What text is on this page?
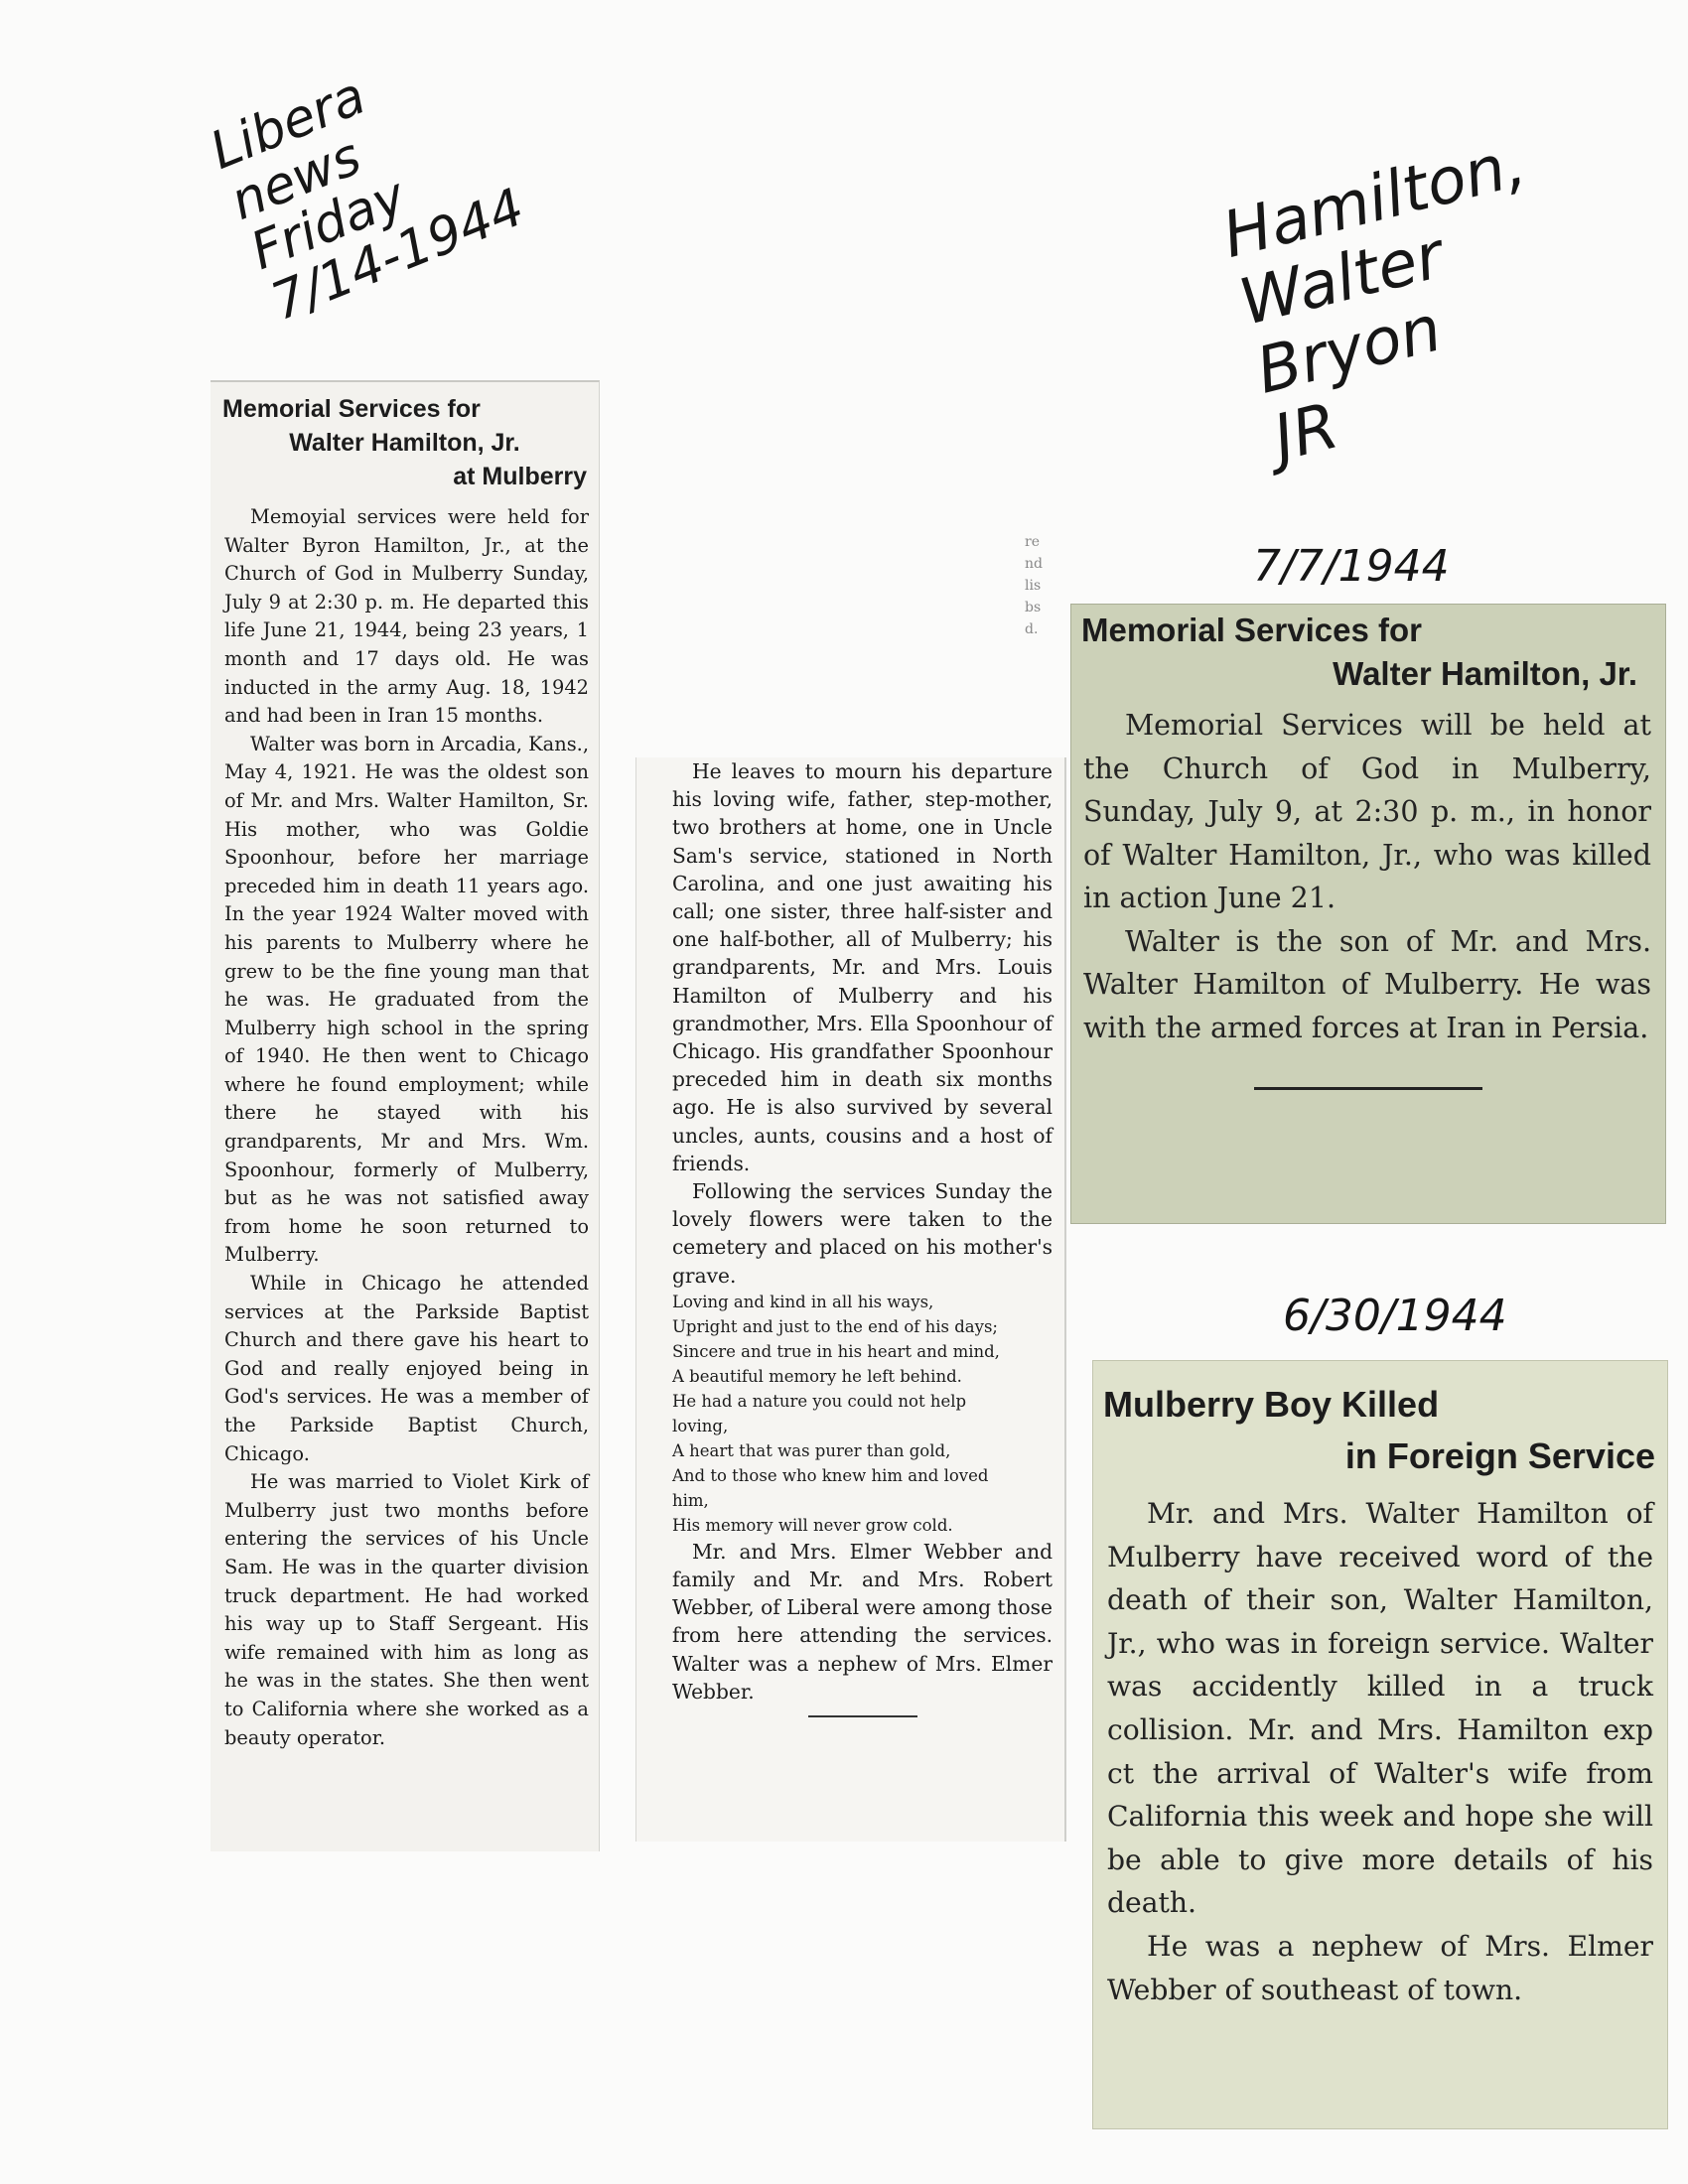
Libera
news
Friday
7/14-1944	Hamilton,
Walter
Bryon
JR
7/7/1944
6/30/1944
re
nd
lis
bs
d.
Memorial Services for
Walter Hamilton, Jr.
at Mulberry

Memoyial services were held for Walter Byron Hamilton, Jr., at the Church of God in Mulberry Sunday, July 9 at 2:30 p. m. He departed this life June 21, 1944, being 23 years, 1 month and 17 days old. He was inducted in the army Aug. 18, 1942 and had been in Iran 15 months.

Walter was born in Arcadia, Kans., May 4, 1921. He was the oldest son of Mr. and Mrs. Walter Hamilton, Sr. His mother, who was Goldie Spoonhour, before her marriage preceded him in death 11 years ago. In the year 1924 Walter moved with his parents to Mulberry where he grew to be the fine young man that he was. He graduated from the Mulberry high school in the spring of 1940. He then went to Chicago where he found employment; while there he stayed with his grandparents, Mr and Mrs. Wm. Spoonhour, formerly of Mulberry, but as he was not satisfied away from home he soon returned to Mulberry.

While in Chicago he attended services at the Parkside Baptist Church and there gave his heart to God and really enjoyed being in God's services. He was a member of the Parkside Baptist Church, Chicago.

He was married to Violet Kirk of Mulberry just two months before entering the services of his Uncle Sam. He was in the quarter division truck department. He had worked his way up to Staff Sergeant. His wife remained with him as long as he was in the states. She then went to California where she worked as a beauty operator.

He leaves to mourn his departure his loving wife, father, step-mother, two brothers at home, one in Uncle Sam's service, stationed in North Carolina, and one just awaiting his call; one sister, three half-sister and one half-bother, all of Mulberry; his grandparents, Mr. and Mrs. Louis Hamilton of Mulberry and his grandmother, Mrs. Ella Spoonhour of Chicago. His grandfather Spoonhour preceded him in death six months ago. He is also survived by several uncles, aunts, cousins and a host of friends.

Following the services Sunday the lovely flowers were taken to the cemetery and placed on his mother's grave.

Loving and kind in all his ways,
Upright and just to the end of his days;
Sincere and true in his heart and mind,
A beautiful memory he left behind.
He had a nature you could not help
loving,
A heart that was purer than gold,
And to those who knew him and loved
him,
His memory will never grow cold.

Mr. and Mrs. Elmer Webber and family and Mr. and Mrs. Robert Webber, of Liberal were among those from here attending the services. Walter was a nephew of Mrs. Elmer Webber.

Memorial Services for
Walter Hamilton, Jr.

Memorial Services will be held at the Church of God in Mulberry, Sunday, July 9, at 2:30 p. m., in honor of Walter Hamilton, Jr., who was killed in action June 21.

Walter is the son of Mr. and Mrs. Walter Hamilton of Mulberry. He was with the armed forces at Iran in Persia.

Mulberry Boy Killed
in Foreign Service

Mr. and Mrs. Walter Hamilton of Mulberry have received word of the death of their son, Walter Hamilton, Jr., who was in foreign service. Walter was accidently killed in a truck collision. Mr. and Mrs. Hamilton exp ct the arrival of Walter's wife from California this week and hope she will be able to give more details of his death.

He was a nephew of Mrs. Elmer Webber of southeast of town.
